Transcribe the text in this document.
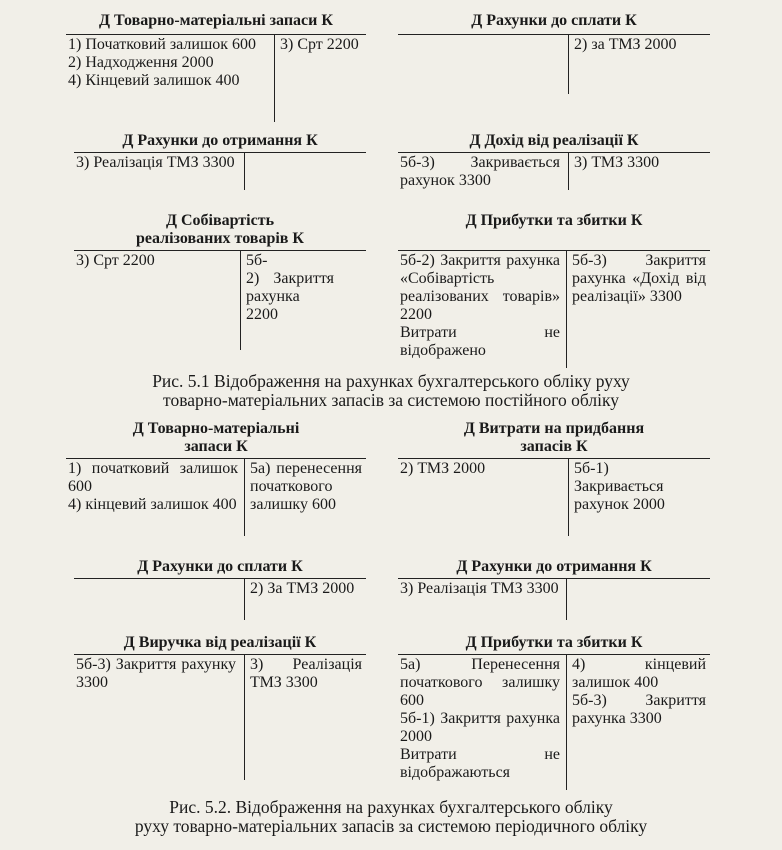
Д Товарно-матеріальні запаси К
1) Початковий залишок 600
2) Надходження 2000
4) Кінцевий залишок 400
3) Срт 2200
Д Рахунки до сплати К
2) за ТМЗ 2000
Д Рахунки до отримання К
3) Реалізація ТМЗ 3300
Д Дохід від реалізації К
5б-3) Закривається рахунок 3300
3) ТМЗ 3300
Д Собівартість
реалізованих товарів К
3) Срт 2200	5б-
2) Закриття рахунка 2200
Д Прибутки та збитки К
5б-2) Закриття рахунка «Собівартість реалізованих товарів» 2200
Витрати не відображено
5б-3) Закриття рахунка «Дохід від реалізації» 3300
Рис. 5.1 Відображення на рахунках бухгалтерського обліку руху
товарно-матеріальних запасів за системою постійного обліку
Д Товарно-матеріальні
запаси К
1) початковий залишок 600
4) кінцевий залишок 400
5а) перенесення початкового залишку 600
Д Витрати на придбання
запасів К
2) ТМЗ 2000	5б-1) Закривається рахунок 2000
Д Рахунки до сплати К
2) За ТМЗ 2000
Д Рахунки до отримання К
3) Реалізація ТМЗ 3300
Д Виручка від реалізації К
5б-3) Закриття рахунку 3300
3) Реалізація ТМЗ 3300
Д Прибутки та збитки К
5а) Перенесення початкового залишку 600
5б-1) Закриття рахунка 2000
Витрати не відображаються
4) кінцевий залишок 400
5б-3) Закриття рахунка 3300
Рис. 5.2. Відображення на рахунках бухгалтерського обліку
руху товарно-матеріальних запасів за системою періодичного обліку
